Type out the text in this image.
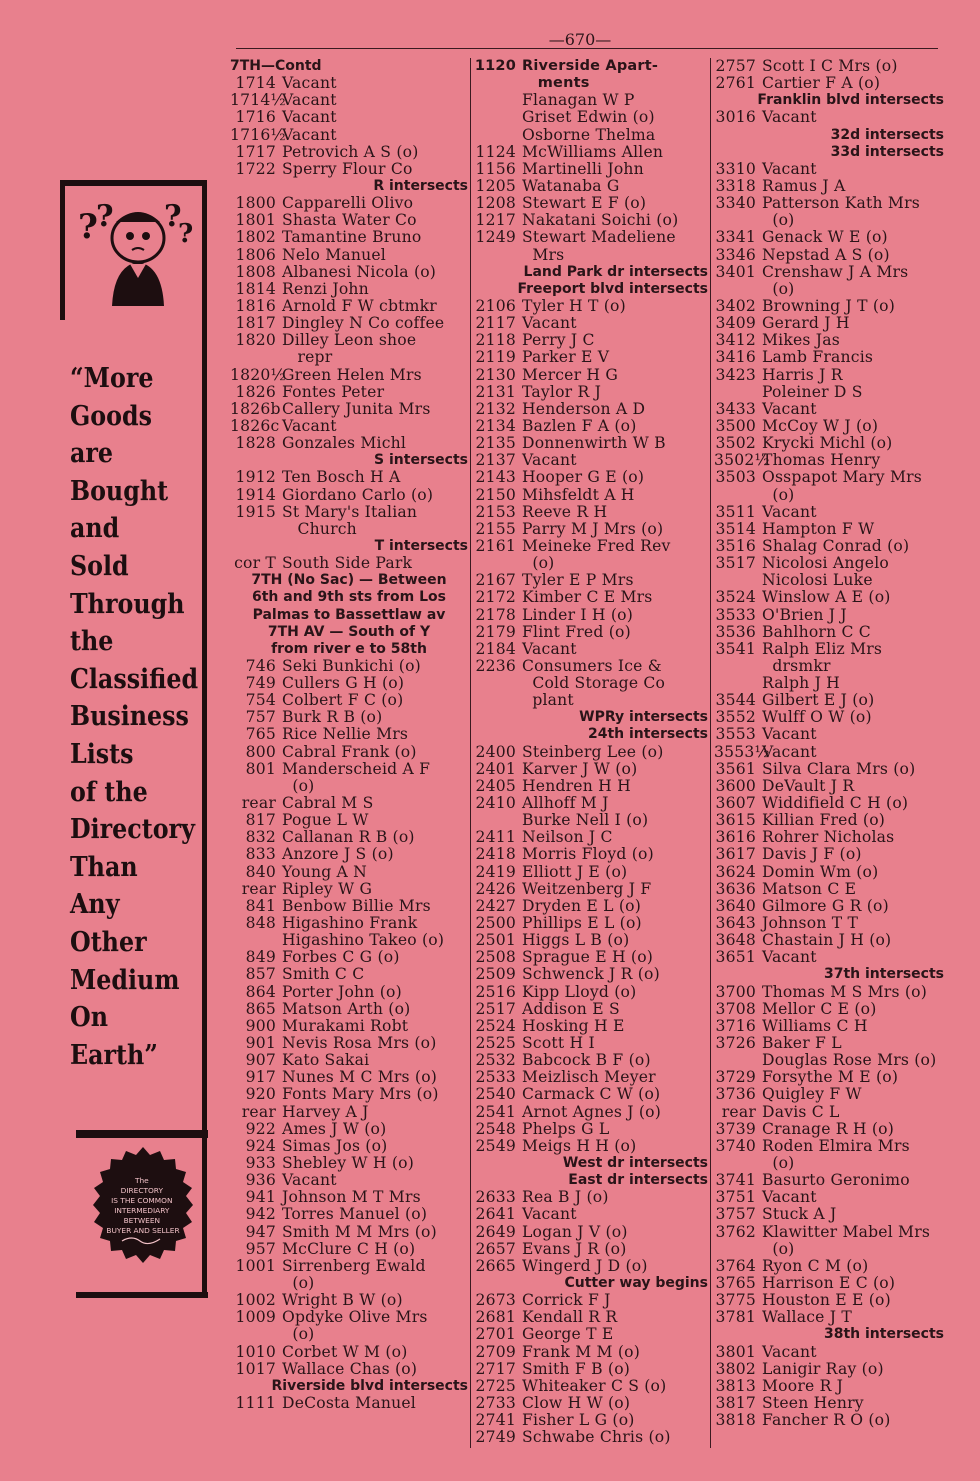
—670—
?
? ?
?
“More
Goods
are
Bought
and
Sold
Through
the
Classified
Business
Lists
of the
Directory
Than
Any
Other
Medium
On
Earth”
The DIRECTORY IS THE COMMON INTERMEDIARY BETWEEN BUYER AND SELLER
7TH—Contd
1714 Vacant
1714½
Vacant
1716 Vacant
1716½
Vacant
1717 Petrovich A S (o)
1722 Sperry Flour Co
R intersects
1800 Capparelli Olivo
1801 Shasta Water Co
1802 Tamantine Bruno
1806 Nelo Manuel
1808 Albanesi Nicola (o)
1814 Renzi John
1816 Arnold F W cbtmkr
1817 Dingley N Co coffee
1820 Dilley Leon shoe
repr
1820½
Green Helen Mrs
1826 Fontes Peter
1826b Callery Junita Mrs
1826c Vacant
1828 Gonzales Michl
S intersects
1912 Ten Bosch H A
1914 Giordano Carlo (o)
1915 St Mary's Italian
Church
T intersects
cor T South Side Park
7TH (No Sac) — Between
6th and 9th sts from Los
Palmas to Bassettlaw av
7TH AV — South of Y
from river e to 58th
746 Seki Bunkichi (o)
749 Cullers G H (o)
754 Colbert F C (o)
757 Burk R B (o)
765 Rice Nellie Mrs
800 Cabral Frank (o)
801 Manderscheid A F
(o)
rear Cabral M S
817 Pogue L W
832 Callanan R B (o)
833 Anzore J S (o)
840 Young A N
rear Ripley W G
841 Benbow Billie Mrs
848 Higashino Frank
Higashino Takeo (o)
849 Forbes C G (o)
857 Smith C C
864 Porter John (o)
865 Matson Arth (o)
900 Murakami Robt
901 Nevis Rosa Mrs (o)
907 Kato Sakai
917 Nunes M C Mrs (o)
920 Fonts Mary Mrs (o)
rear Harvey A J
922 Ames J W (o)
924 Simas Jos (o)
933 Shebley W H (o)
936 Vacant
941 Johnson M T Mrs
942 Torres Manuel (o)
947 Smith M M Mrs (o)
957 McClure C H (o)
1001 Sirrenberg Ewald
(o)
1002 Wright B W (o)
1009 Opdyke Olive Mrs
(o)
1010 Corbet W M (o)
1017 Wallace Chas (o)
Riverside blvd intersects
1111 DeCosta Manuel
1120 Riverside Apart-
ments
Flanagan W P
Griset Edwin (o)
Osborne Thelma
1124 McWilliams Allen
1156 Martinelli John
1205 Watanaba G
1208 Stewart E F (o)
1217 Nakatani Soichi (o)
1249 Stewart Madeliene
Mrs
Land Park dr intersects
Freeport blvd intersects
2106 Tyler H T (o)
2117 Vacant
2118 Perry J C
2119 Parker E V
2130 Mercer H G
2131 Taylor R J
2132 Henderson A D
2134 Bazlen F A (o)
2135 Donnenwirth W B
2137 Vacant
2143 Hooper G E (o)
2150 Mihsfeldt A H
2153 Reeve R H
2155 Parry M J Mrs (o)
2161 Meineke Fred Rev
(o)
2167 Tyler E P Mrs
2172 Kimber C E Mrs
2178 Linder I H (o)
2179 Flint Fred (o)
2184 Vacant
2236 Consumers Ice &
Cold Storage Co
plant
WPRy intersects
24th intersects
2400 Steinberg Lee (o)
2401 Karver J W (o)
2405 Hendren H H
2410 Allhoff M J
Burke Nell I (o)
2411 Neilson J C
2418 Morris Floyd (o)
2419 Elliott J E (o)
2426 Weitzenberg J F
2427 Dryden E L (o)
2500 Phillips E L (o)
2501 Higgs L B (o)
2508 Sprague E H (o)
2509 Schwenck J R (o)
2516 Kipp Lloyd (o)
2517 Addison E S
2524 Hosking H E
2525 Scott H I
2532 Babcock B F (o)
2533 Meizlisch Meyer
2540 Carmack C W (o)
2541 Arnot Agnes J (o)
2548 Phelps G L
2549 Meigs H H (o)
West dr intersects
East dr intersects
2633 Rea B J (o)
2641 Vacant
2649 Logan J V (o)
2657 Evans J R (o)
2665 Wingerd J D (o)
Cutter way begins
2673 Corrick F J
2681 Kendall R R
2701 George T E
2709 Frank M M (o)
2717 Smith F B (o)
2725 Whiteaker C S (o)
2733 Clow H W (o)
2741 Fisher L G (o)
2749 Schwabe Chris (o)
2757 Scott I C Mrs (o)
2761 Cartier F A (o)
Franklin blvd intersects
3016 Vacant
32d intersects
33d intersects
3310 Vacant
3318 Ramus J A
3340 Patterson Kath Mrs
(o)
3341 Genack W E (o)
3346 Nepstad A S (o)
3401 Crenshaw J A Mrs
(o)
3402 Browning J T (o)
3409 Gerard J H
3412 Mikes Jas
3416 Lamb Francis
3423 Harris J R
Poleiner D S
3433 Vacant
3500 McCoy W J (o)
3502 Krycki Michl (o)
3502½
Thomas Henry
3503 Osspapot Mary Mrs
(o)
3511 Vacant
3514 Hampton F W
3516 Shalag Conrad (o)
3517 Nicolosi Angelo
Nicolosi Luke
3524 Winslow A E (o)
3533 O'Brien J J
3536 Bahlhorn C C
3541 Ralph Eliz Mrs
drsmkr
Ralph J H
3544 Gilbert E J (o)
3552 Wulff O W (o)
3553 Vacant
3553½
Vacant
3561 Silva Clara Mrs (o)
3600 DeVault J R
3607 Widdifield C H (o)
3615 Killian Fred (o)
3616 Rohrer Nicholas
3617 Davis J F (o)
3624 Domin Wm (o)
3636 Matson C E
3640 Gilmore G R (o)
3643 Johnson T T
3648 Chastain J H (o)
3651 Vacant
37th intersects
3700 Thomas M S Mrs (o)
3708 Mellor C E (o)
3716 Williams C H
3726 Baker F L
Douglas Rose Mrs (o)
3729 Forsythe M E (o)
3736 Quigley F W
rear Davis C L
3739 Cranage R H (o)
3740 Roden Elmira Mrs
(o)
3741 Basurto Geronimo
3751 Vacant
3757 Stuck A J
3762 Klawitter Mabel Mrs
(o)
3764 Ryon C M (o)
3765 Harrison E C (o)
3775 Houston E E (o)
3781 Wallace J T
38th intersects
3801 Vacant
3802 Lanigir Ray (o)
3813 Moore R J
3817 Steen Henry
3818 Fancher R O (o)
